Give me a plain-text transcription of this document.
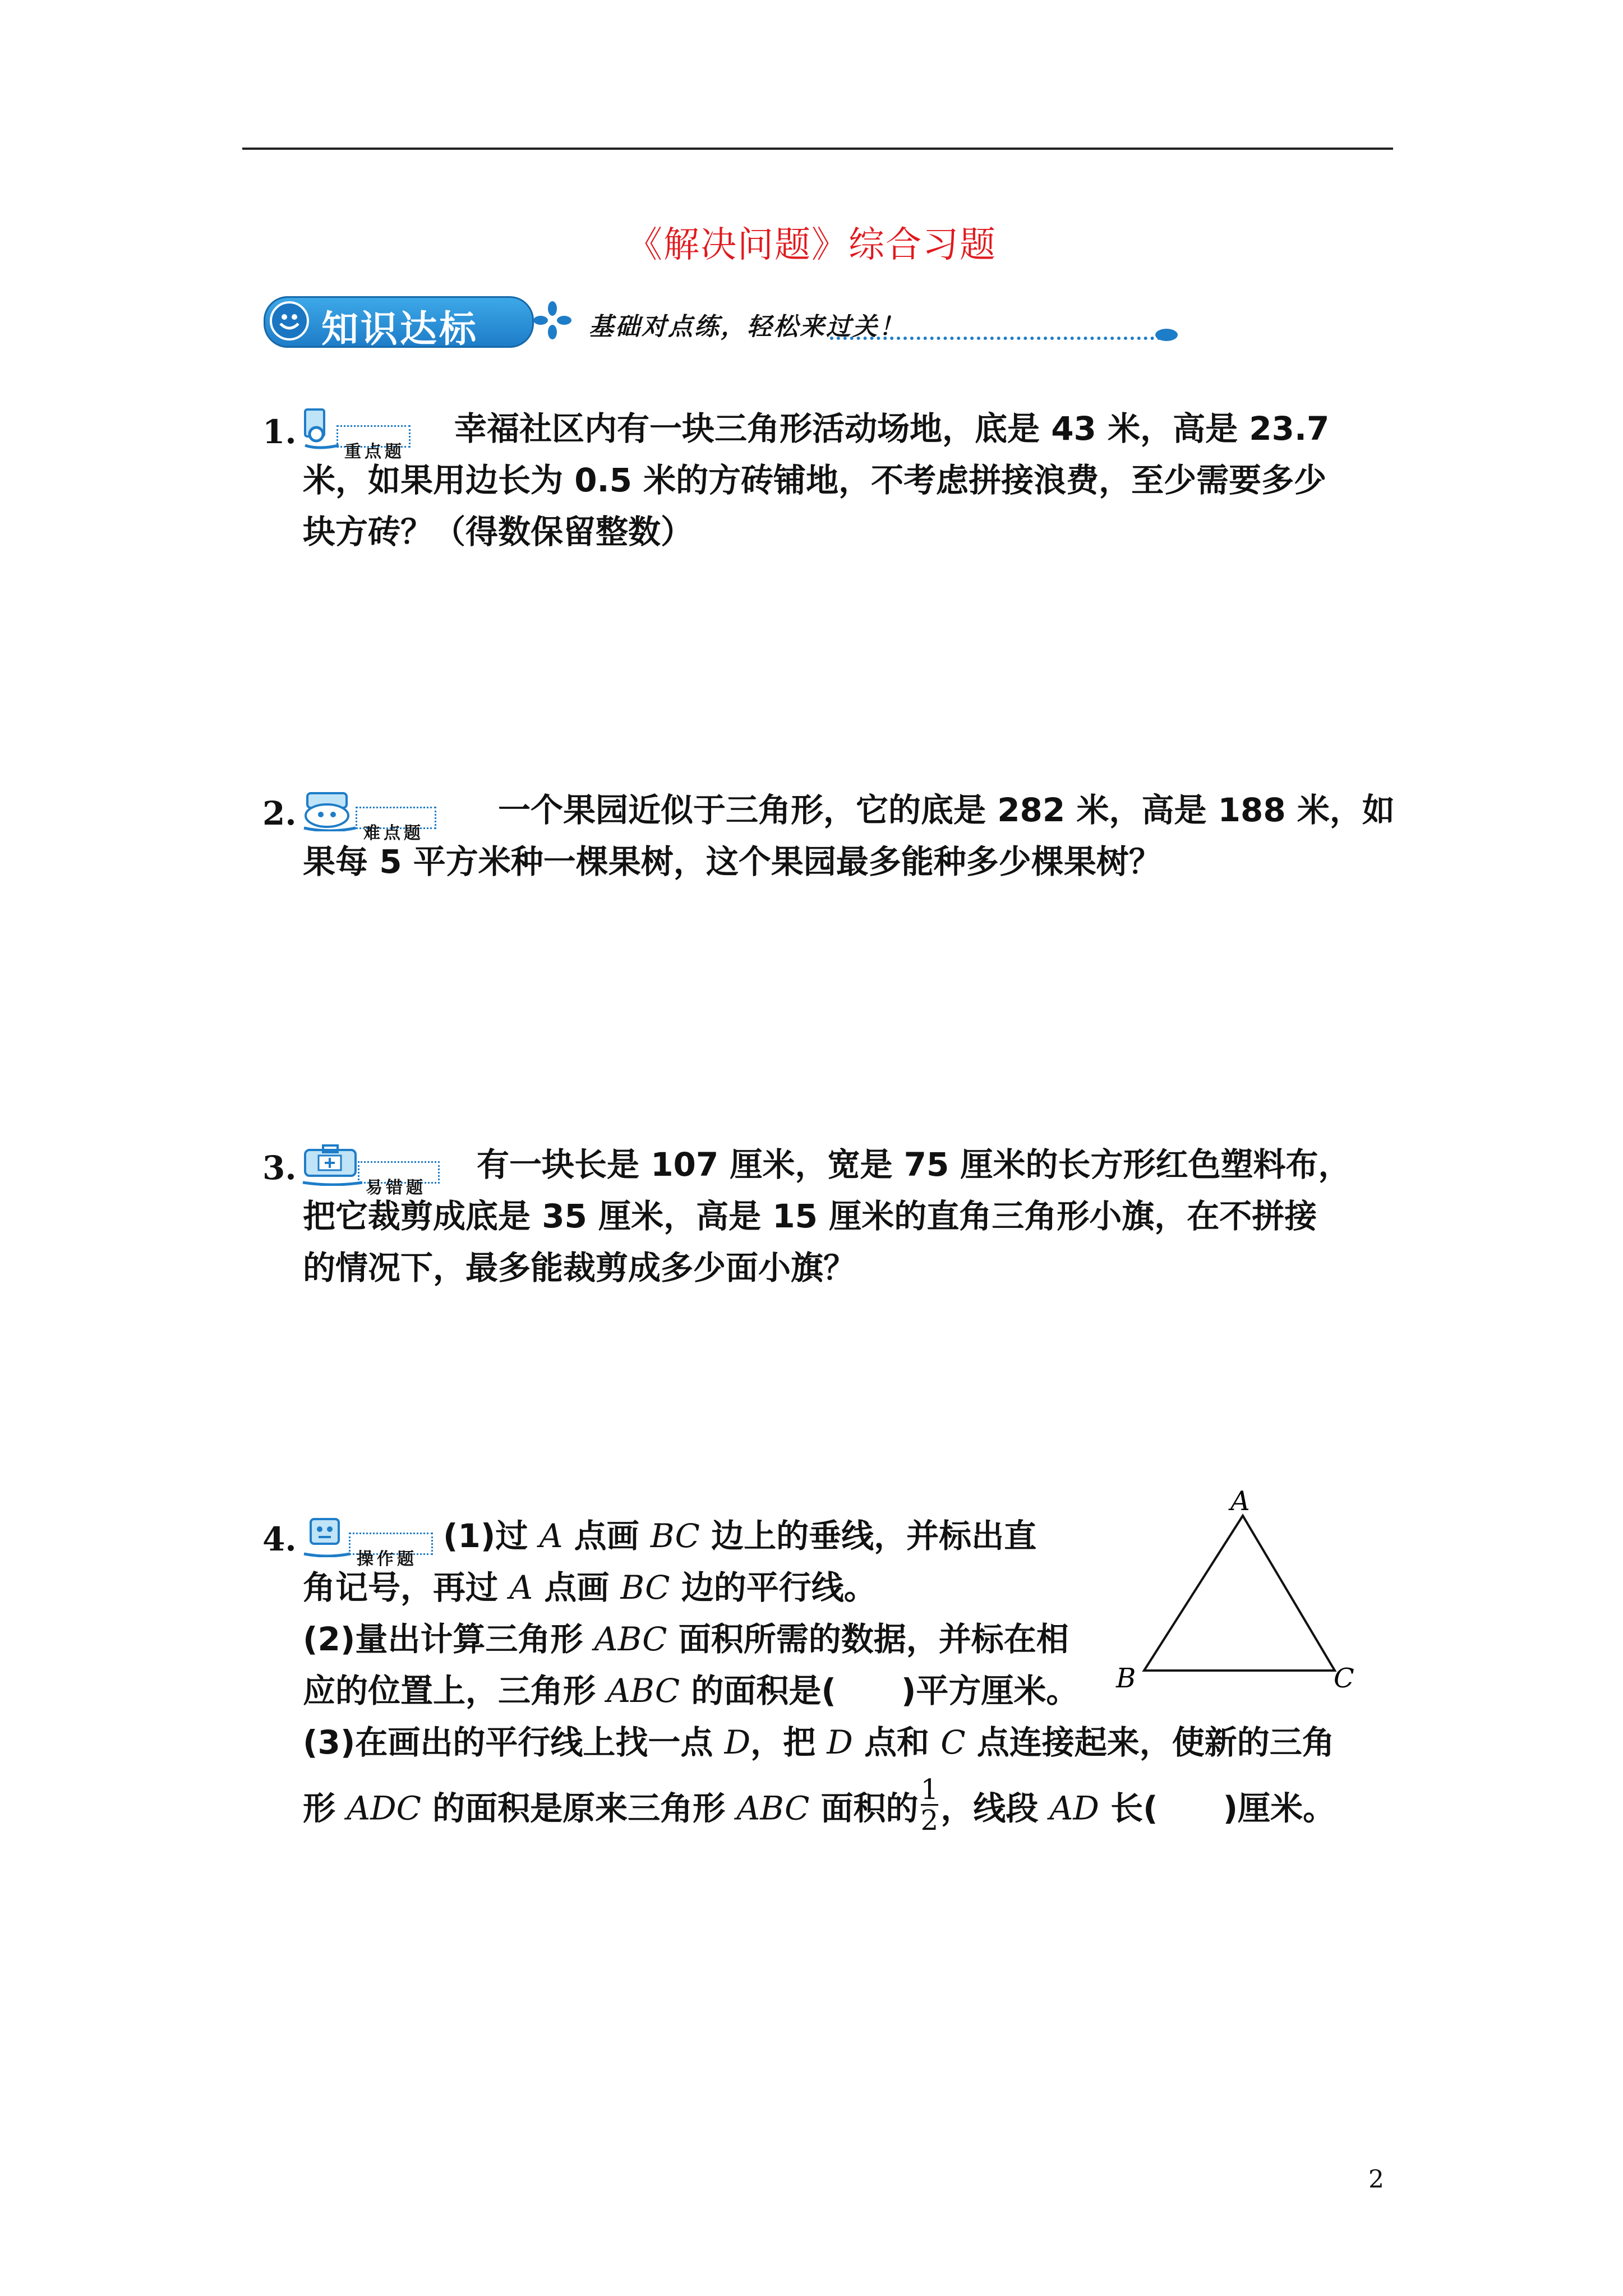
《解决问题》综合习题
知识达标	基础对点练，轻松来过关！
1.
重点题
幸福社区内有一块三角形活动场地，底是 43 米，高是 23.7
米，如果用边长为 0.5 米的方砖铺地，不考虑拼接浪费，至少需要多少
块方砖？（得数保留整数）
2.
难点题
一个果园近似于三角形，它的底是 282 米，高是 188 米，如
果每 5 平方米种一棵果树，这个果园最多能种多少棵果树？
3.
易错题
有一块长是 107 厘米，宽是 75 厘米的长方形红色塑料布，
把它裁剪成底是 35 厘米，高是 15 厘米的直角三角形小旗，在不拼接
的情况下，最多能裁剪成多少面小旗？
4.
操作题
(1)过 A 点画 BC 边上的垂线，并标出直
角记号，再过 A 点画 BC 边的平行线。
(2)量出计算三角形 ABC 面积所需的数据，并标在相
应的位置上，三角形 ABC 的面积是(　　)平方厘米。
(3)在画出的平行线上找一点 D，把 D 点和 C 点连接起来，使新的三角
形 ADC 的面积是原来三角形 ABC 面积的 $\frac{1}{2}$ ，线段 AD 长(　　)厘米。
A
B	C
2
